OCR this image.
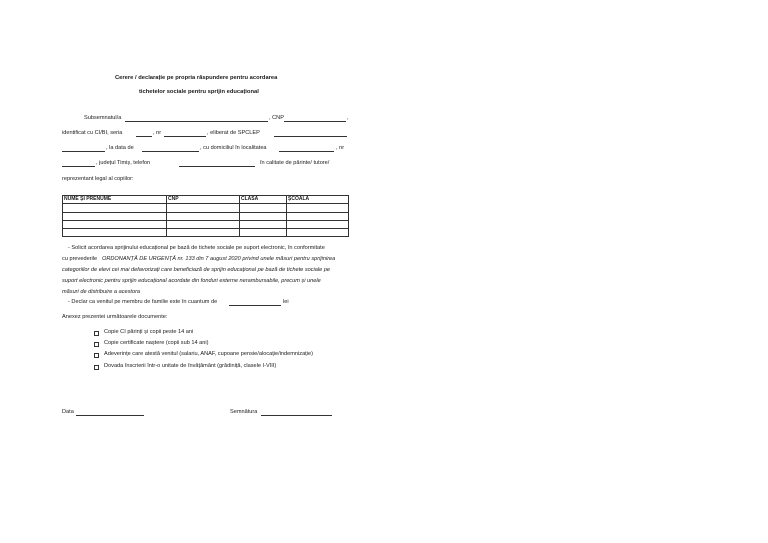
Cerere / declarație pe propria răspundere pentru acordarea
tichetelor sociale pentru sprijin educațional
Subsemnatul/a	, CNP	,
identificat cu CI/BI, seria	, nr	, eliberat de SPCLEP
, la data de	, cu domiciliul în localitatea	, nr
, județul Timiș, telefon	în calitate de părinte/ tutore/
reprezentant legal al copiilor:
NUME ȘI PRENUME	CNP	CLASA	ȘCOALA

- Solicit acordarea sprijinului educațional pe bază de tichete sociale pe suport electronic, în conformitate
cu prevederile ORDONANȚĂ DE URGENȚĂ nr. 133 din 7 august 2020 privind unele măsuri pentru sprijinirea
categoriilor de elevi cei mai defavorizați care beneficiază de sprijin educațional pe bază de tichete sociale pe
suport electronic pentru sprijin educațional acordate din fonduri externe nerambursabile, precum și unele
măsuri de distribuire a acestora
- Declar ca venitul pe membru de familie este în cuantum de	lei
Anexez prezentei următoarele documente:
Copie CI părinți și copii peste 14 ani
Copie certificate naștere (copii sub 14 ani)
Adeverințe care atestă venitul (salariu, ANAF, cupoane pensie/alocație/indemnizație)
Dovada înscrierii într-o unitate de învățământ (grădiniță, clasele I-VIII)
Data	Semnătura
